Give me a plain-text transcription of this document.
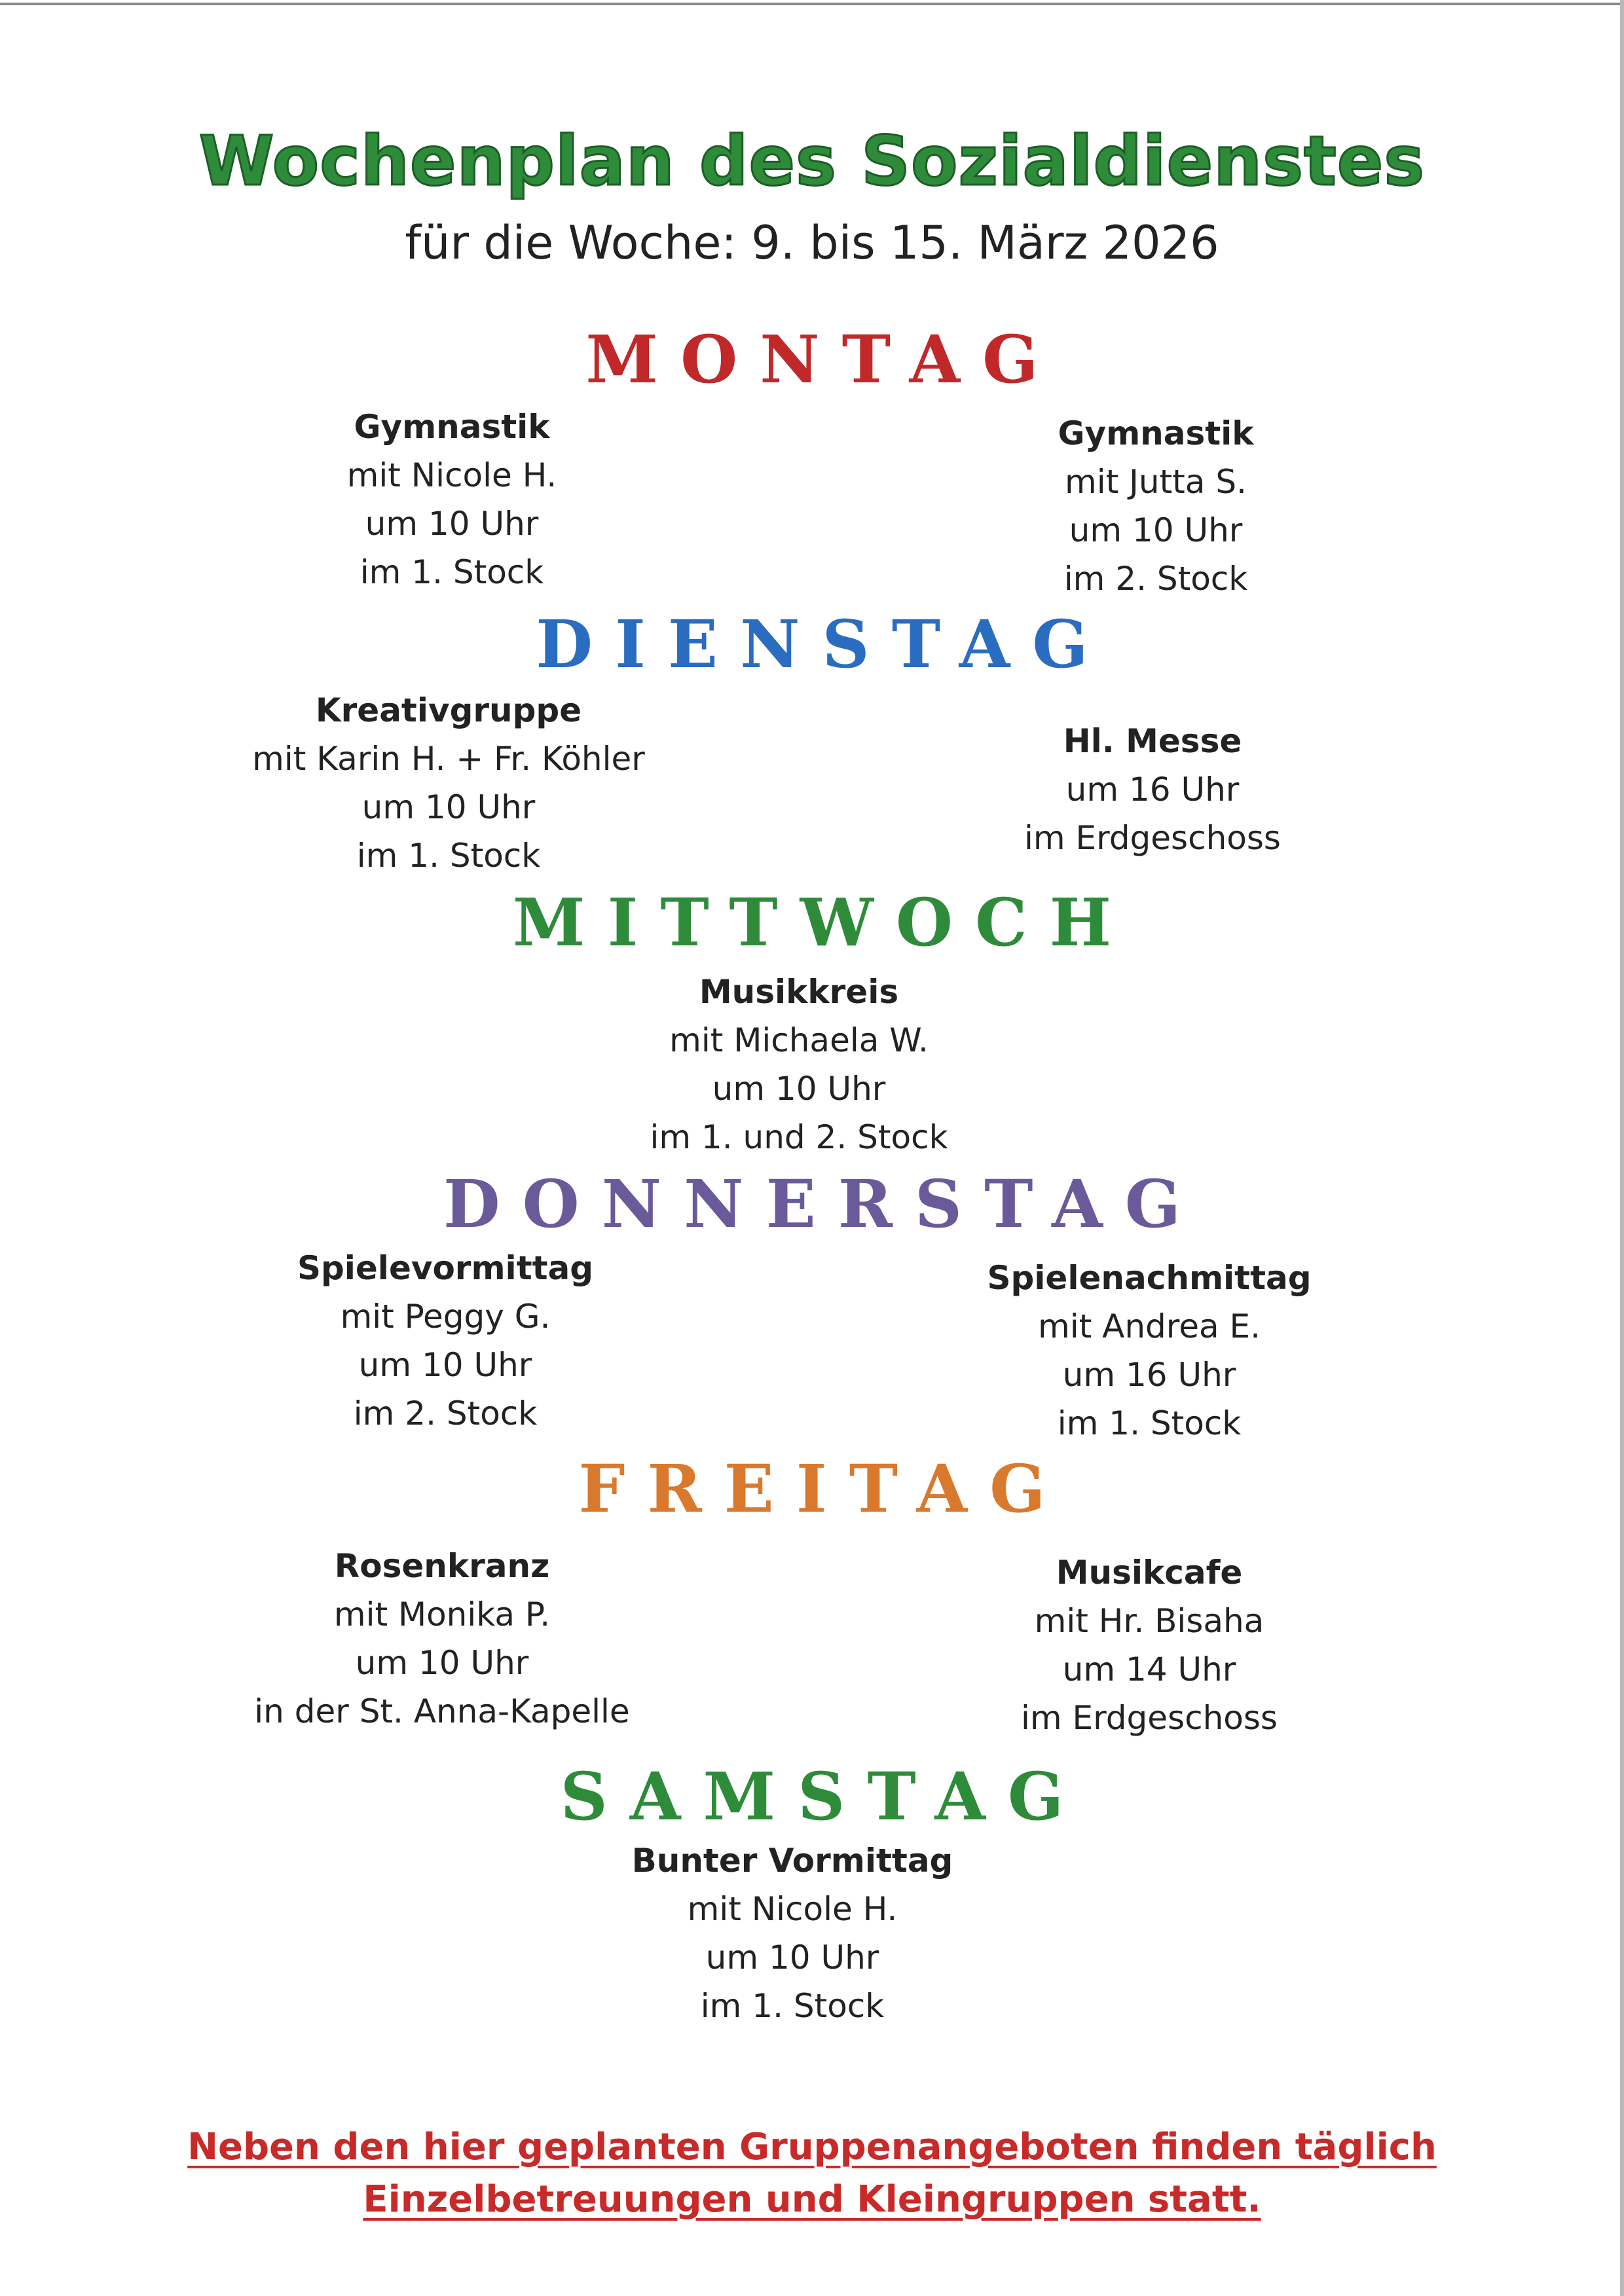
Wochenplan des Sozialdienstes
für die Woche: 9. bis 15. März 2026
MONTAG
Gymnastik
mit Nicole H.
um 10 Uhr
im 1. Stock
Gymnastik
mit Jutta S.
um 10 Uhr
im 2. Stock
DIENSTAG
Kreativgruppe
mit Karin H. + Fr. Köhler
um 10 Uhr
im 1. Stock
Hl. Messe
um 16 Uhr
im Erdgeschoss
MITTWOCH
Musikkreis
mit Michaela W.
um 10 Uhr
im 1. und 2. Stock
DONNERSTAG
Spielevormittag
mit Peggy G.
um 10 Uhr
im 2. Stock
Spielenachmittag
mit Andrea E.
um 16 Uhr
im 1. Stock
FREITAG
Rosenkranz
mit Monika P.
um 10 Uhr
in der St. Anna-Kapelle
Musikcafe
mit Hr. Bisaha
um 14 Uhr
im Erdgeschoss
SAMSTAG
Bunter Vormittag
mit Nicole H.
um 10 Uhr
im 1. Stock
Neben den hier geplanten Gruppenangeboten finden täglich
Einzelbetreuungen und Kleingruppen statt.
